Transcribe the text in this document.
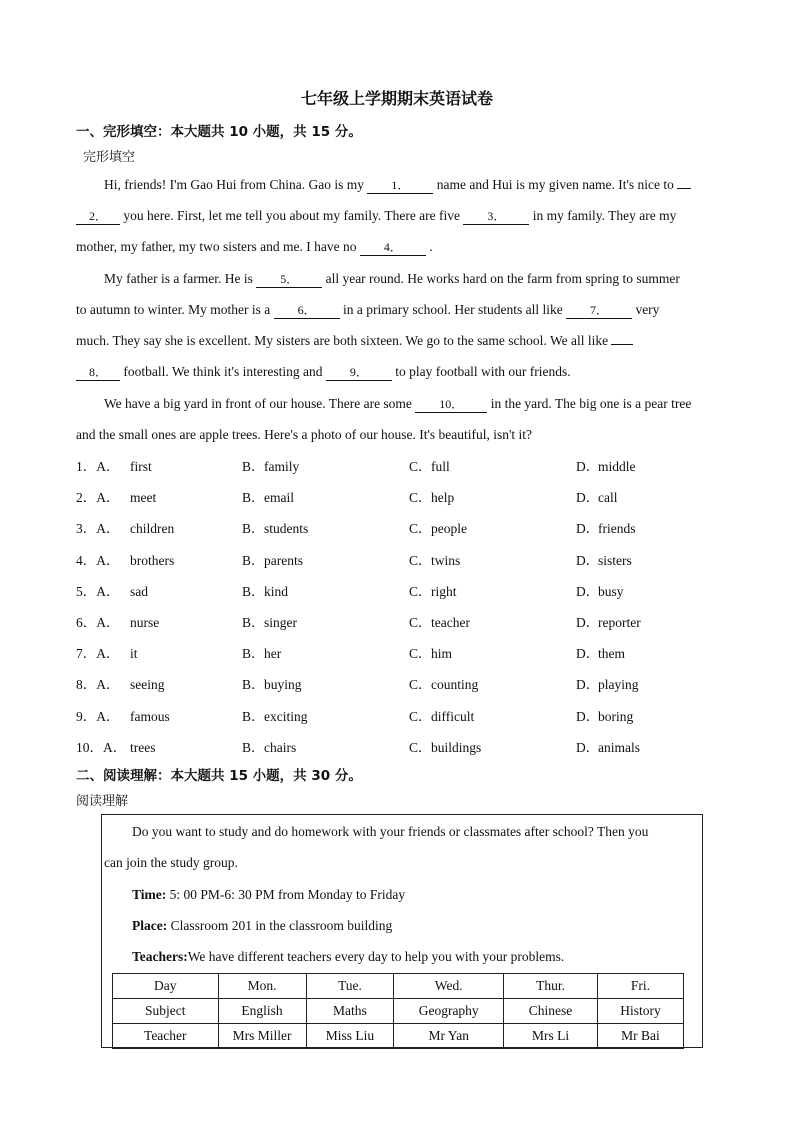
七年级上学期期末英语试卷
一、完形填空：本大题共 10 小题，共 15 分。
完形填空
Hi, friends! I'm Gao Hui from China. Gao is my 1． name and Hui is my given name. It's nice to
2． you here. First, let me tell you about my family. There are five 3． in my family. They are my
mother, my father, my two sisters and me. I have no 4． .
My father is a farmer. He is 5． all year round. He works hard on the farm from spring to summer
to autumn to winter. My mother is a 6． in a primary school. Her students all like 7． very
much. They say she is excellent. My sisters are both sixteen. We go to the same school. We all like
8． football. We think it's interesting and 9． to play football with our friends.
We have a big yard in front of our house. There are some 10． in the yard. The big one is a pear tree
and the small ones are apple trees. Here's a photo of our house. It's beautiful, isn't it?
1．A． first	B．family	C．full	D．middle
2．A． meet	B．email	C．help	D．call
3．A． children	B．students	C．people	D．friends
4．A． brothers	B．parents	C．twins	D．sisters
5．A． sad	B．kind	C．right	D．busy
6．A． nurse	B．singer	C．teacher	D．reporter
7．A． it	B．her	C．him	D．them
8．A． seeing	B．buying	C．counting	D．playing
9．A． famous	B．exciting	C．difficult	D．boring
10．A． trees	B．chairs	C．buildings	D．animals
二、阅读理解：本大题共 15 小题，共 30 分。
阅读理解
Do you want to study and do homework with your friends or classmates after school? Then you
can join the study group.
Time: 5: 00 PM-6: 30 PM from Monday to Friday
Place: Classroom 201 in the classroom building
Teachers:We have different teachers every day to help you with your problems.
Day	Mon.	Tue.	Wed.	Thur.	Fri.
Subject	English	Maths	Geography	Chinese	History
Teacher	Mrs Miller	Miss Liu	Mr Yan	Mrs Li	Mr Bai
